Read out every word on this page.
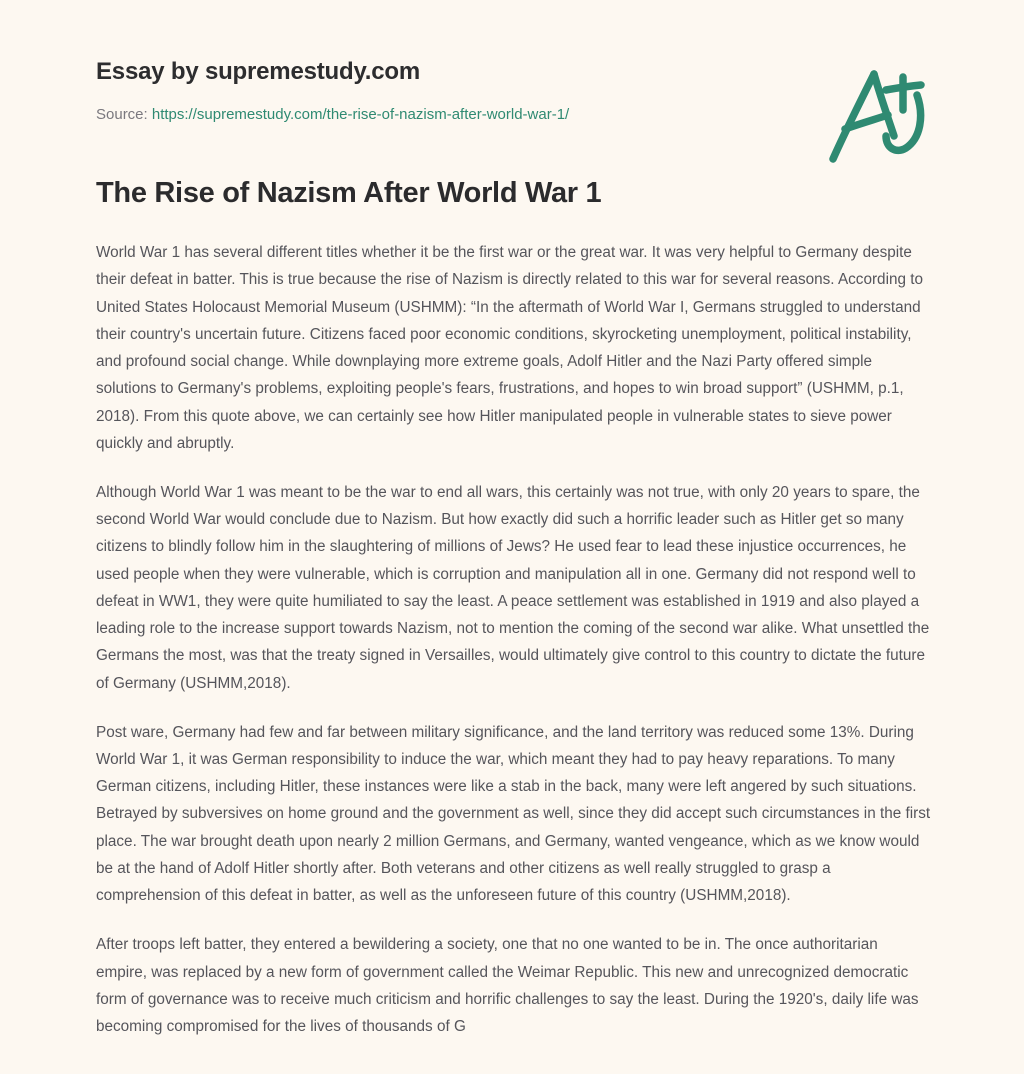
Essay by supremestudy.com
Source: https://supremestudy.com/the-rise-of-nazism-after-world-war-1/
The Rise of Nazism After World War 1

World War 1 has several different titles whether it be the first war or the great war. It was very helpful to Germany despite their defeat in batter. This is true because the rise of Nazism is directly related to this war for several reasons. According to United States Holocaust Memorial Museum (USHMM): “In the aftermath of World War I, Germans struggled to understand their country's uncertain future. Citizens faced poor economic conditions, skyrocketing unemployment, political instability, and profound social change. While downplaying more extreme goals, Adolf Hitler and the Nazi Party offered simple solutions to Germany's problems, exploiting people's fears, frustrations, and hopes to win broad support” (USHMM, p.1, 2018). From this quote above, we can certainly see how Hitler manipulated people in vulnerable states to sieve power quickly and abruptly.

Although World War 1 was meant to be the war to end all wars, this certainly was not true, with only 20 years to spare, the second World War would conclude due to Nazism. But how exactly did such a horrific leader such as Hitler get so many citizens to blindly follow him in the slaughtering of millions of Jews? He used fear to lead these injustice occurrences, he used people when they were vulnerable, which is corruption and manipulation all in one. Germany did not respond well to defeat in WW1, they were quite humiliated to say the least. A peace settlement was established in 1919 and also played a leading role to the increase support towards Nazism, not to mention the coming of the second war alike. What unsettled the Germans the most, was that the treaty signed in Versailles, would ultimately give control to this country to dictate the future of Germany (USHMM,2018).

Post ware, Germany had few and far between military significance, and the land territory was reduced some 13%. During World War 1, it was German responsibility to induce the war, which meant they had to pay heavy reparations. To many German citizens, including Hitler, these instances were like a stab in the back, many were left angered by such situations. Betrayed by subversives on home ground and the government as well, since they did accept such circumstances in the first place. The war brought death upon nearly 2 million Germans, and Germany, wanted vengeance, which as we know would be at the hand of Adolf Hitler shortly after. Both veterans and other citizens as well really struggled to grasp a comprehension of this defeat in batter, as well as the unforeseen future of this country (USHMM,2018).

After troops left batter, they entered a bewildering a society, one that no one wanted to be in. The once authoritarian empire, was replaced by a new form of government called the Weimar Republic. This new and unrecognized democratic form of governance was to receive much criticism and horrific challenges to say the least. During the 1920's, daily life was becoming compromised for the lives of thousands of G
